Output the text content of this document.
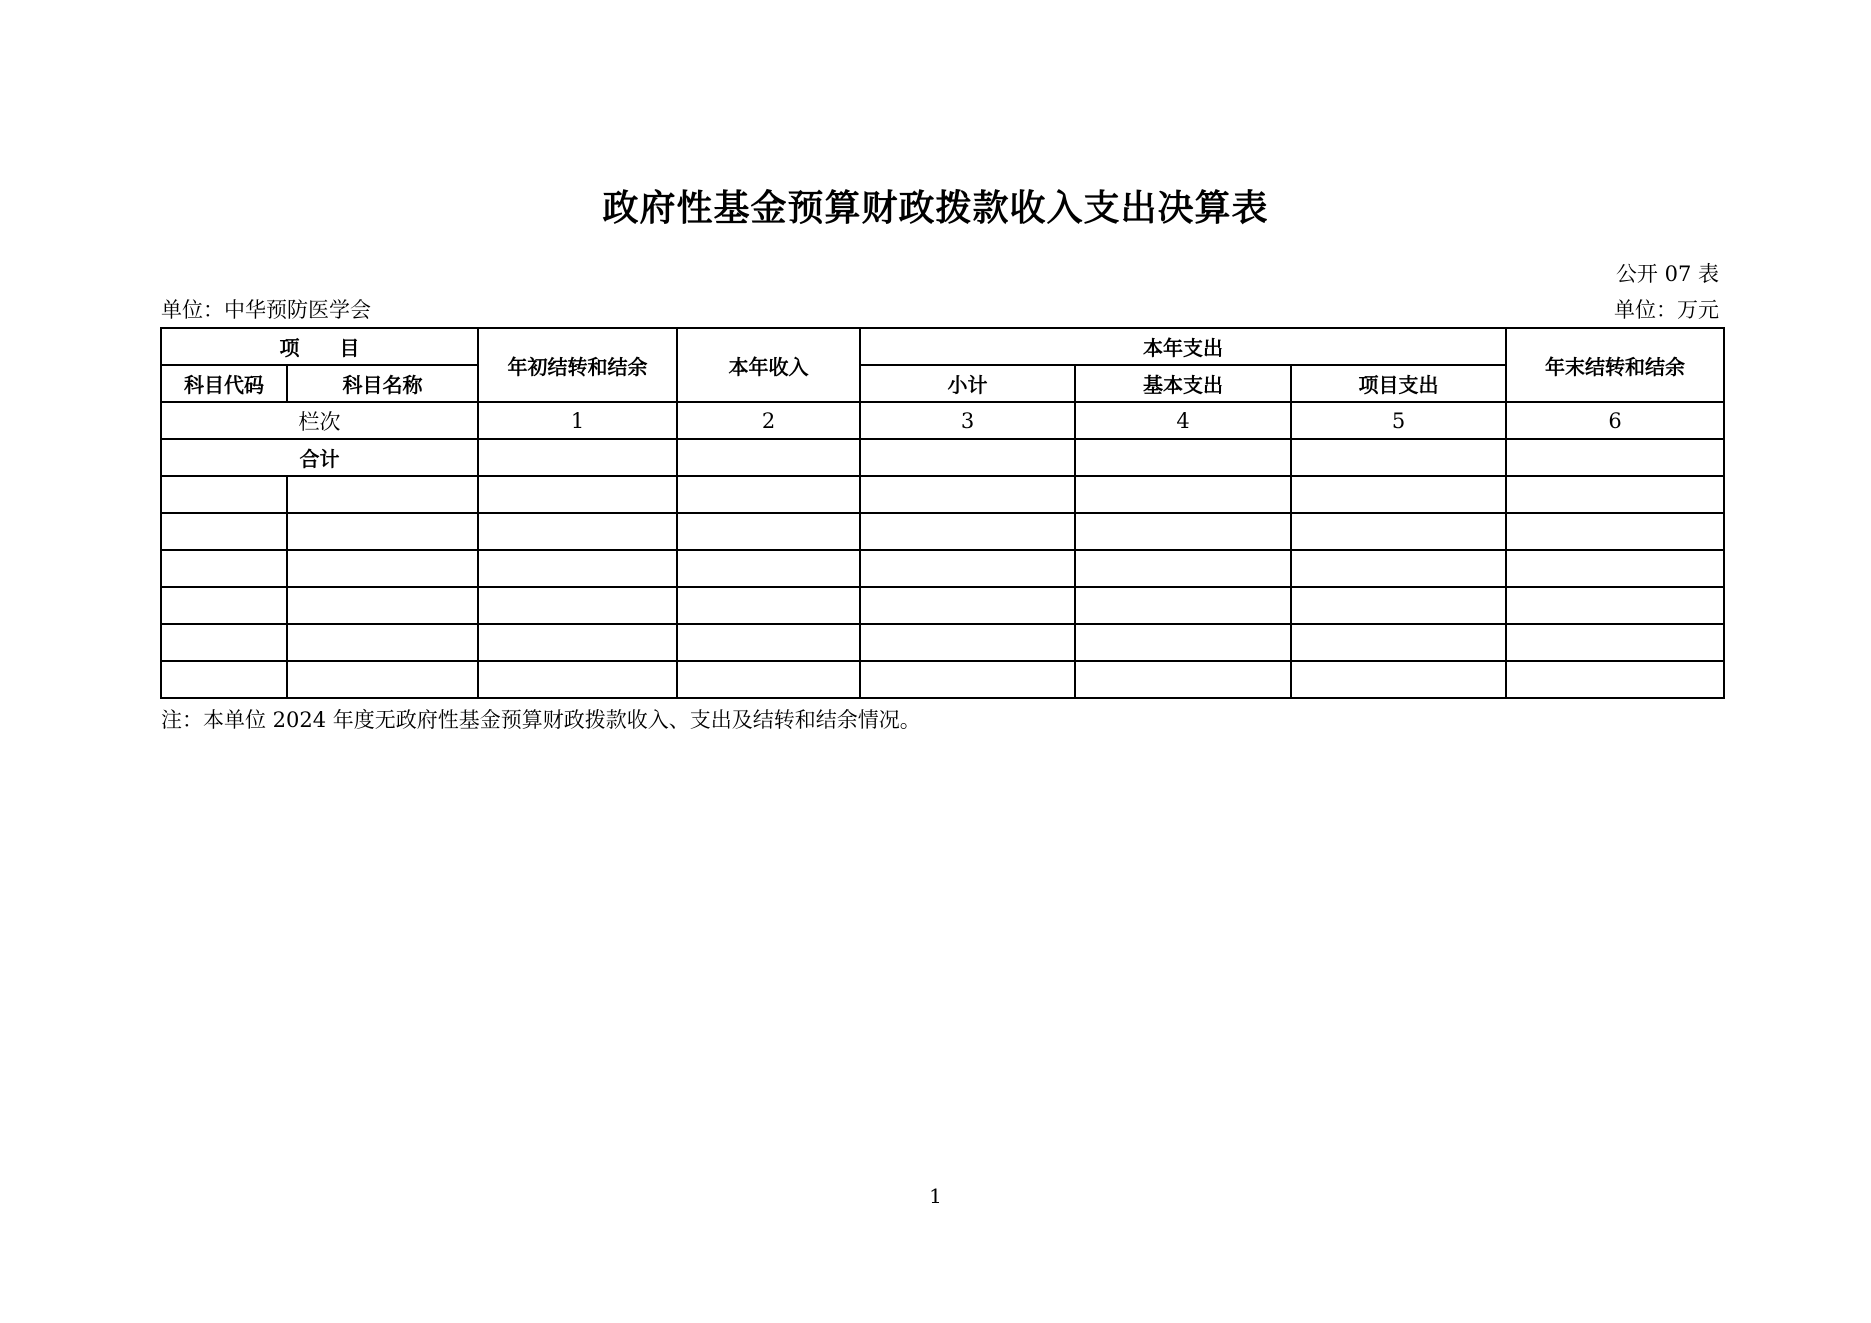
政府性基金预算财政拨款收入支出决算表
公开 07 表
单位：中华预防医学会	单位：万元
项　　目		年初结转和结余	本年收入	本年支出			年末结转和结余
科目代码	科目名称			小计	基本支出	项目支出	
栏次		1	2	3	4	5	6
合计							

注：本单位 2024 年度无政府性基金预算财政拨款收入、支出及结转和结余情况。
1
